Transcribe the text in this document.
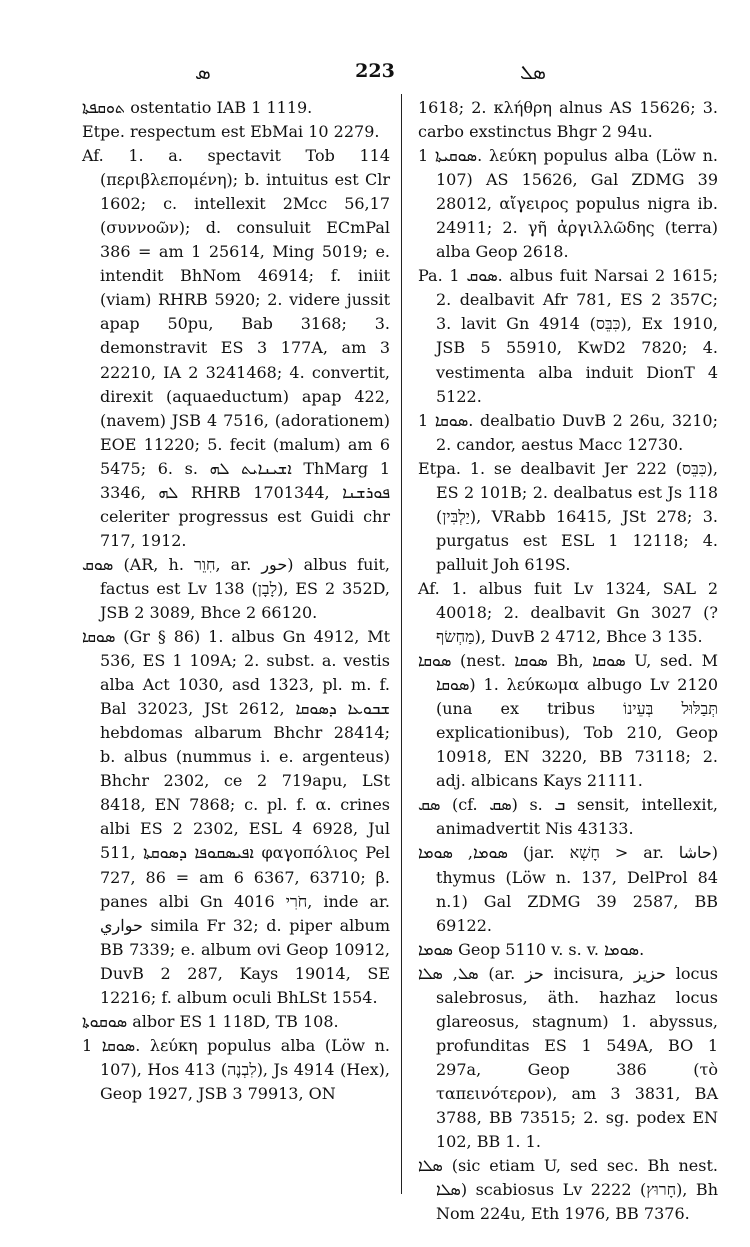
ܣ	223	ܣܠ

ܬܘܩܦܬܐ ostentatio IAB 1 1119.

Etpe. respectum est EbMai 10 2279.

Af. 1. a. spectavit Tob 114 (περιβλεπομένη); b. intuitus est Clr 1602; c. intellexit 2Mcc 56,17 (συννοῶν); d. consuluit ECmPal 386 = am 1 25614, Ming 5019; e. intendit BhNom 46914; f. iniit (viam) RHRB 5920; 2. videre jussit apap 50pu, Bab 3168; 3. demonstravit ES 3 177A, am 3 22210, IA 2 3241468; 4. convertit, direxit (aquaeductum) apap 422, (navem) JSB 4 7516, (adorationem) EOE 11220; 5. fecit (malum) am 6 5475; 6. s. ܐܫܝܢܐܝܬ ܠܗ ThMarg 1 3346, ܠܗ RHRB 1701344, ܦܘܪܫܢܐ celeriter progressus est Guidi chr 717, 1912.

ܣܘܩ (AR, h. חִוֵר, ar. حور) albus fuit, factus est Lv 138 (לָבָן), ES 2 352D, JSB 2 3089, Bhce 2 66120.

ܣܘܩܐ (Gr § 86) 1. albus Gn 4912, Mt 536, ES 1 109A; 2. subst. a. vestis alba Act 1030, asd 1323, pl. m. f. Bal 32023, JSt 2612, ܫܒܘܥܐ ܕܣܘܩܐ hebdomas albarum Bhchr 28414; b. albus (nummus i. e. argenteus) Bhchr 2302, ce 2 719apu, LSt 8418, EN 7868; c. pl. f. α. crines albi ES 2 2302, ESL 4 6928, Jul 511, ܐܦܝܣܩܘܦܐ ܕܣܘܩܬܐ φαγοπόλιος Pel 727, 86 = am 6 6367, 63710; β. panes albi Gn 4016 חֹרִי, inde ar. حواري simila Fr 32; d. piper album BB 7339; e. album ovi Geop 10912, DuvB 2 287, Kays 19014, SE 12216; f. album oculi BhLSt 1554.

ܣܘܩܘܬܐ albor ES 1 118D, TB 108.

ܣܘܩܐ 1. λεύκη populus alba (Löw n. 107), Hos 413 (לִבְנֶה), Js 4914 (Hex), Geop 1927, JSB 3 79913, ON

1618; 2. κλήθρη alnus AS 15626; 3. carbo exstinctus Bhgr 2 94u.

ܣܘܩܝܬܐ 1. λεύκη populus alba (Löw n. 107) AS 15626, Gal ZDMG 39 28012, αἴγειρος populus nigra ib. 24911; 2. γῆ ἀργιλλῶδης (terra) alba Geop 2618.

Pa. ܣܘܩ 1. albus fuit Narsai 2 1615; 2. dealbavit Afr 781, ES 2 357C; 3. lavit Gn 4914 (כִּבֵּס), Ex 1910, JSB 5 55910, KwD2 7820; 4. vestimenta alba induit DionT 4 5122.

ܣܘܩܐ 1. dealbatio DuvB 2 26u, 3210; 2. candor, aestus Macc 12730.

Etpa. 1. se dealbavit Jer 222 (כִּבֵּס), ES 2 101B; 2. dealbatus est Js 118 (יַלְבִּין), VRabb 16415, JSt 278; 3. purgatus est ESL 1 12118; 4. palluit Joh 619S.

Af. 1. albus fuit Lv 1324, SAL 2 40018; 2. dealbavit Gn 3027 (? מַחְשׂף), DuvB 2 4712, Bhce 3 135.

ܣܘܩܐ (nest. ܣܘܩܐ Bh, ܣܘܩܐ U, sed. M ܣܘܩܐ) 1. λεύκωμα albugo Lv 2120 (una ex tribus תְּבַלּוּל בְּעֵינוֹ explicationibus), Tob 210, Geop 10918, EN 3220, BB 73118; 2. adj. albicans Kays 21111.

ܣܩ (cf. ܣܩ) s. ܒ sensit, intellexit, animadvertit Nis 43133.

ܣܘܡܐ, ܣܘܡܐ (jar. חָשְׁא > ar. حاشا) thymus (Löw n. 137, DelProl 84 n.1) Gal ZDMG 39 2587, BB 69122.

ܣܘܡܐ Geop 5110 v. s. v. ܣܘܡܐ.

ܣܠ, ܣܠܐ (ar. حز incisura, حزيز locus salebrosus, äth. hazhaz locus glareosus, stagnum) 1. abyssus, profunditas ES 1 549A, BO 1 297a, Geop 386 (τὸ ταπεινότερον), am 3 3831, BA 3788, BB 73515; 2. sg. podex EN 102, BB 1. 1.

ܣܠܐ (sic etiam U, sed sec. Bh nest. ܣܠܐ) scabiosus Lv 2222 (חָרוּץ), Bh Nom 224u, Eth 1976, BB 7376.
